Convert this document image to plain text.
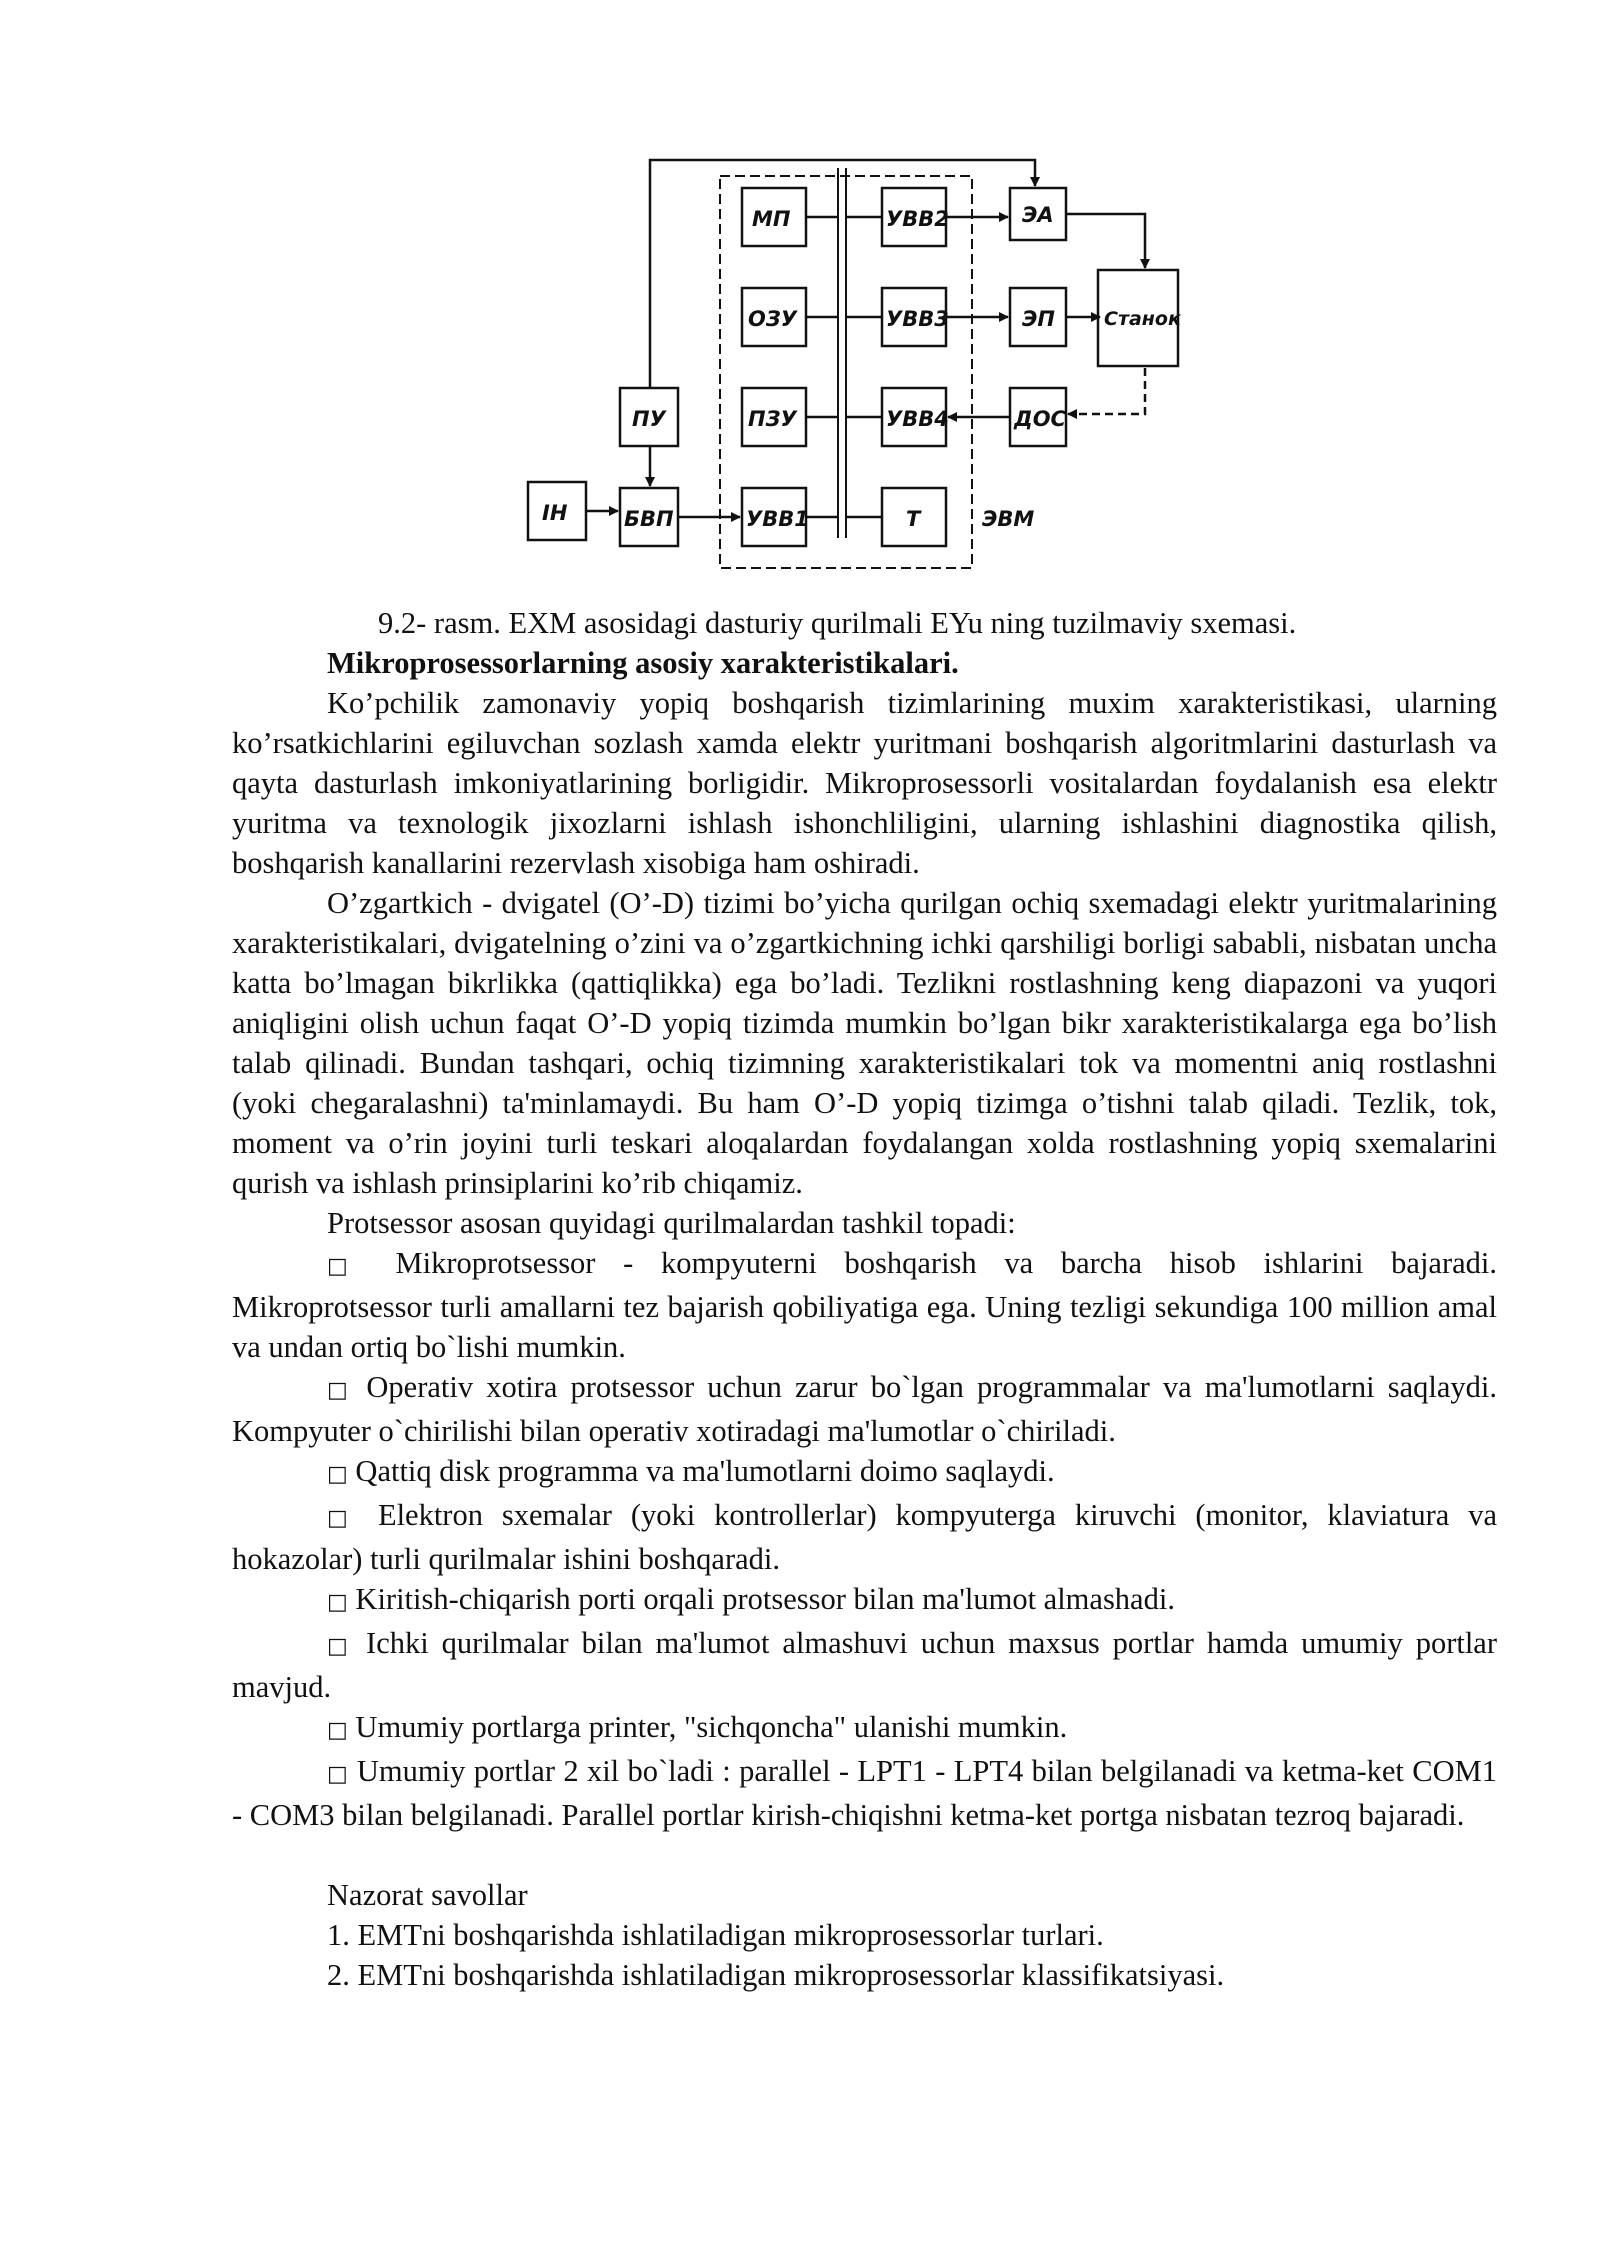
МП
ОЗУ
ПЗУ
УВВ1
УВВ2
УВВ3
УВВ4
Т
ЭА
ЭП	Станок
ДОС
ПУ
БВП
ІН	ЭВМ

9.2- rasm. EXM asosidagi dasturiy qurilmali EYu ning tuzilmaviy sxemasi.

Mikroprosessorlarning asosiy xarakteristikalari.

Ko’pchilik zamonaviy yopiq boshqarish tizimlarining muxim xarakteristikasi, ularning ko’rsatkichlarini egiluvchan sozlash xamda elektr yuritmani boshqarish algoritmlarini dasturlash va qayta dasturlash imkoniyatlarining borligidir. Mikroprosessorli vositalardan foydalanish esa elektr yuritma va texnologik jixozlarni ishlash ishonchliligini, ularning ishlashini diagnostika qilish, boshqarish kanallarini rezervlash xisobiga ham oshiradi.

O’zgartkich - dvigatel (O’-D) tizimi bo’yicha qurilgan ochiq sxemadagi elektr yuritmalarining xarakteristikalari, dvigatelning o’zini va o’zgartkichning ichki qarshiligi borligi sababli, nisbatan uncha katta bo’lmagan bikrlikka (qattiqlikka) ega bo’ladi. Tezlikni rostlashning keng diapazoni va yuqori aniqligini olish uchun faqat O’-D yopiq tizimda mumkin bo’lgan bikr xarakteristikalarga ega bo’lish talab qilinadi. Bundan tashqari, ochiq tizimning xarakteristikalari tok va momentni aniq rostlashni (yoki chegaralashni) ta'minlamaydi. Bu ham O’-D yopiq tizimga o’tishni talab qiladi. Tezlik, tok, moment va o’rin joyini turli teskari aloqalardan foydalangan xolda rostlashning yopiq sxemalarini qurish va ishlash prinsiplarini ko’rib chiqamiz.

Protsessor asosan quyidagi qurilmalardan tashkil topadi:

□ Mikroprotsessor - kompyuterni boshqarish va barcha hisob ishlarini bajaradi. Mikroprotsessor turli amallarni tez bajarish qobiliyatiga ega. Uning tezligi sekundiga 100 million amal va undan ortiq bo`lishi mumkin.

□ Operativ xotira protsessor uchun zarur bo`lgan programmalar va ma'lumotlarni saqlaydi. Kompyuter o`chirilishi bilan operativ xotiradagi ma'lumotlar o`chiriladi.

□ Qattiq disk programma va ma'lumotlarni doimo saqlaydi.

□ Elektron sxemalar (yoki kontrollerlar) kompyuterga kiruvchi (monitor, klaviatura va hokazolar) turli qurilmalar ishini boshqaradi.

□ Kiritish-chiqarish porti orqali protsessor bilan ma'lumot almashadi.

□ Ichki qurilmalar bilan ma'lumot almashuvi uchun maxsus portlar hamda umumiy portlar mavjud.

□ Umumiy portlarga printer, "sichqoncha" ulanishi mumkin.

□ Umumiy portlar 2 xil bo`ladi : parallel - LPT1 - LPT4 bilan belgilanadi va ketma-ket COM1 - COM3 bilan belgilanadi. Parallel portlar kirish-chiqishni ketma-ket portga nisbatan tezroq bajaradi.

Nazorat savollar

1. EMTni boshqarishda ishlatiladigan mikroprosessorlar turlari.

2. EMTni boshqarishda ishlatiladigan mikroprosessorlar klassifikatsiyasi.
